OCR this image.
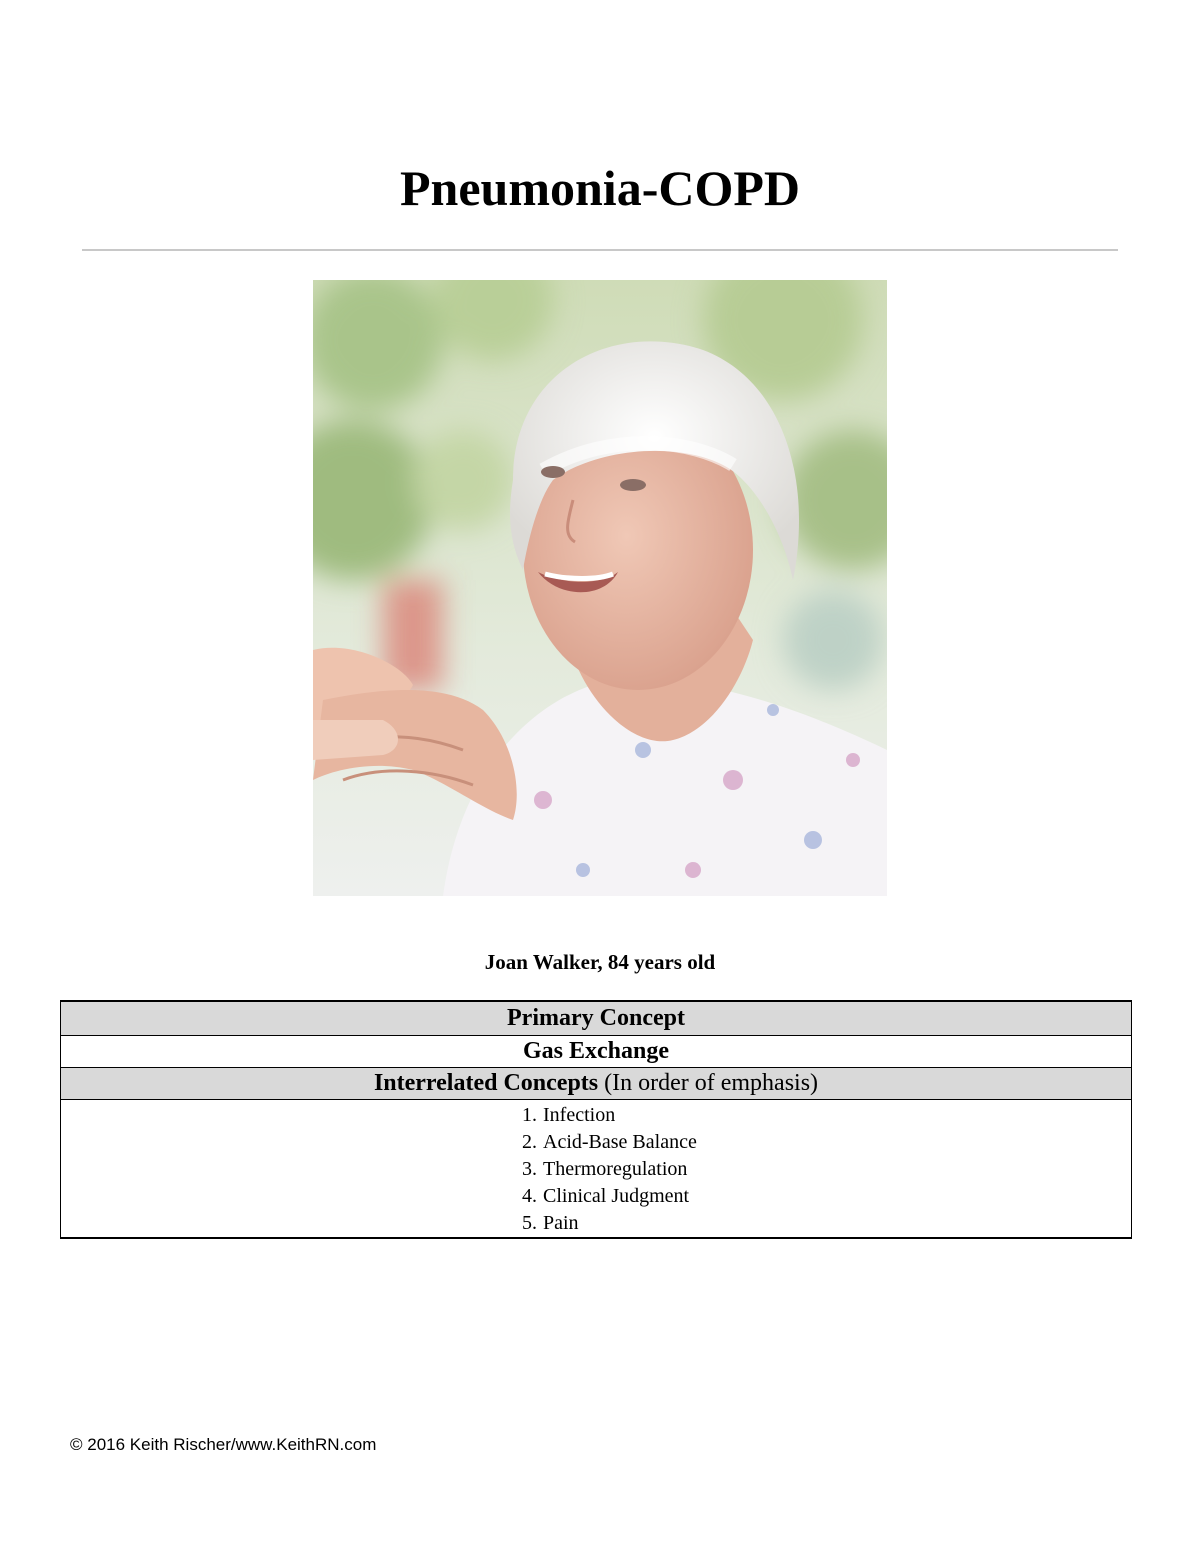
Pneumonia-COPD
Joan Walker, 84 years old
Primary Concept
Gas Exchange
Interrelated Concepts (In order of emphasis)

1. Infection
2. Acid-Base Balance
3. Thermoregulation
4. Clinical Judgment
5. Pain
© 2016 Keith Rischer/www.KeithRN.com
